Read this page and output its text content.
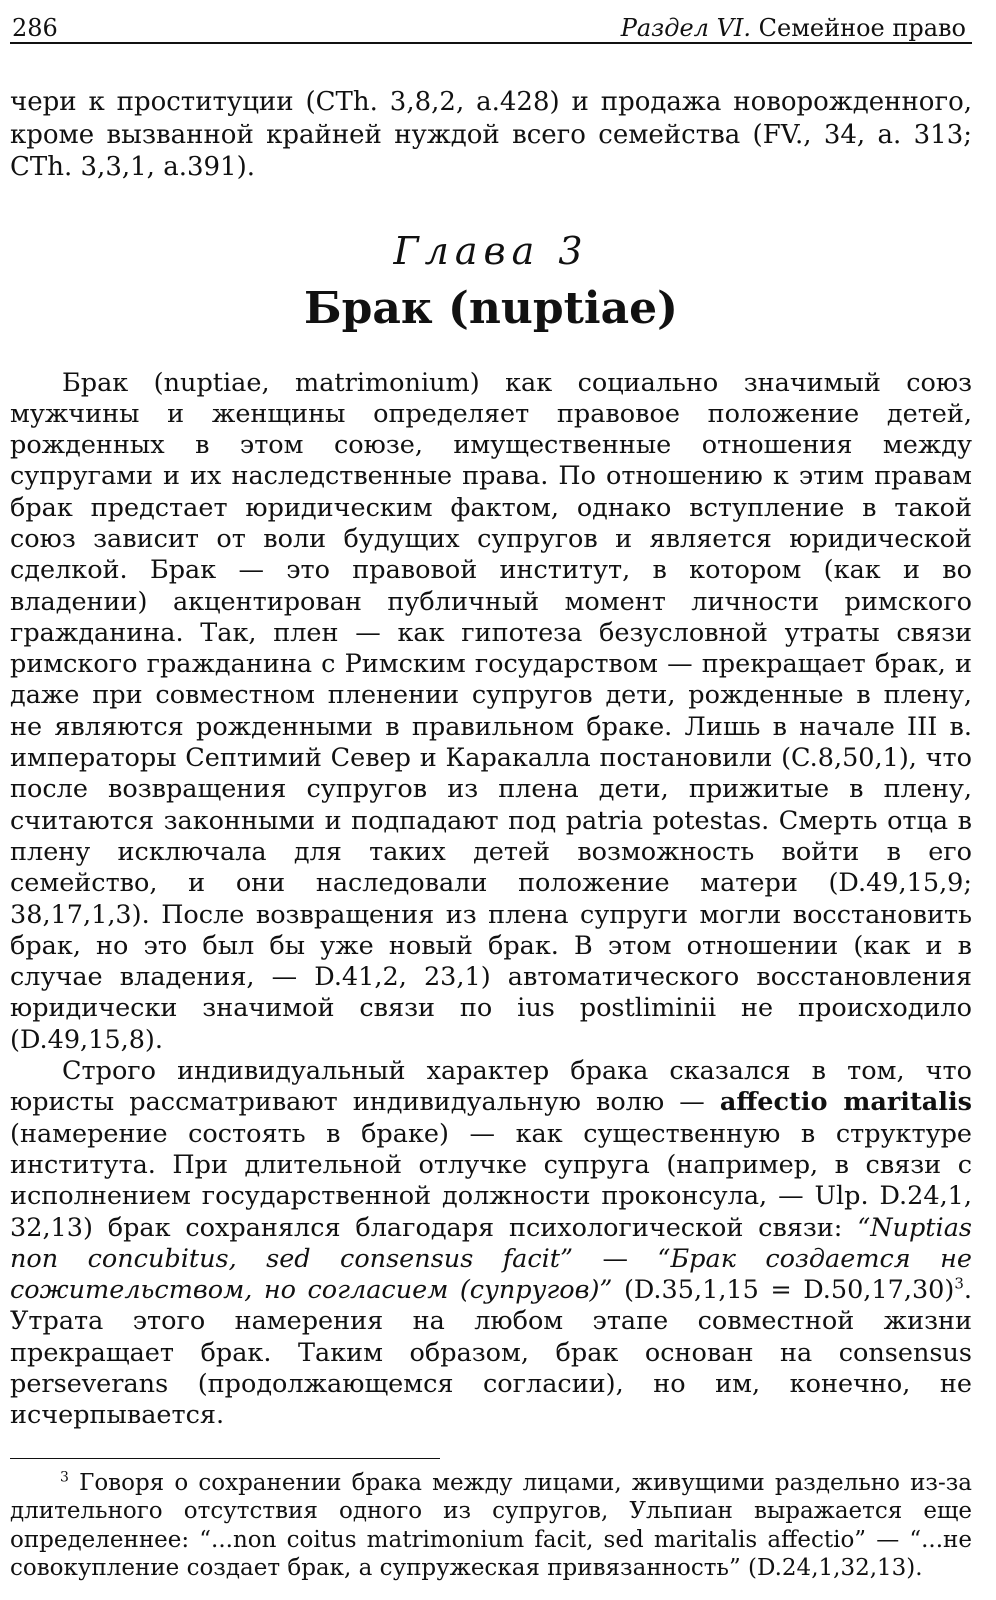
286	Раздел VI. Семейное право

чери к проституции (CTh. 3,8,2, a.428) и продажа новорожденного, кроме вызванной крайней нуждой всего семейства (FV., 34, a. 313; CTh. 3,3,1, a.391).

Глава 3
Брак (nuptiae)

Брак (nuptiae, matrimonium) как социально значимый союз мужчины и женщины определяет правовое положение детей, рожденных в этом союзе, имущественные отношения между супругами и их наследственные права. По отношению к этим правам брак предстает юридическим фактом, однако вступление в такой союз зависит от воли будущих супругов и является юридической сделкой. Брак — это правовой институт, в котором (как и во владении) акцентирован публичный момент личности римского гражданина. Так, плен — как гипотеза безусловной утраты связи римского гражданина с Римским государством — прекращает брак, и даже при совместном пленении супругов дети, рожденные в плену, не являются рожденными в правильном браке. Лишь в начале III в. императоры Септимий Север и Каракалла постановили (C.8,50,1), что после возвращения супругов из плена дети, прижитые в плену, считаются законными и подпадают под patria potestas. Смерть отца в плену исключала для таких детей возможность войти в его семейство, и они наследовали положение матери (D.49,15,9; 38,17,1,3). После возвращения из плена супруги могли восстановить брак, но это был бы уже новый брак. В этом отношении (как и в случае владения, — D.41,2, 23,1) автоматического восстановления юридически значимой связи по ius postliminii не происходило (D.49,15,8).

Строго индивидуальный характер брака сказался в том, что юристы рассматривают индивидуальную волю — affectio maritalis (намерение состоять в браке) — как существенную в структуре института. При длительной отлучке супруга (например, в связи с исполнением государственной должности проконсула, — Ulp. D.24,1, 32,13) брак сохранялся благодаря психологической связи: “Nuptias non concubitus, sed consensus facit” — “Брак создается не сожительством, но согласием (супругов)” (D.35,1,15 = D.50,17,30)$^3$. Утрата этого намерения на любом этапе совместной жизни прекращает брак. Таким образом, брак основан на consensus perseverans (продолжающемся согласии), но им, конечно, не исчерпывается.

$^3$ Говоря о сохранении брака между лицами, живущими раздельно из-за длительного отсутствия одного из супругов, Ульпиан выражается еще определеннее: “...non coitus matrimonium facit, sed maritalis affectio” — “...не совокупление создает брак, а супружеская привязанность” (D.24,1,32,13).
